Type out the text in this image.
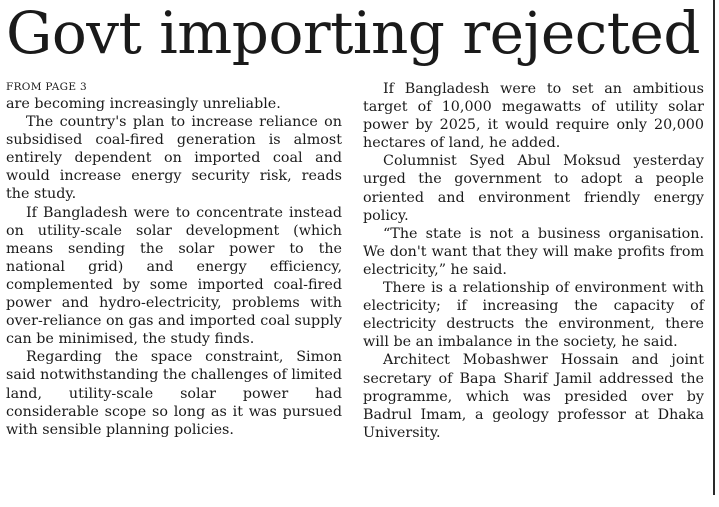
Govt importing rejected
FROM PAGE 3

are becoming increasingly unreliable.

The country's plan to increase reliance on subsidised coal-fired generation is almost entirely dependent on imported coal and would increase energy security risk, reads the study.

If Bangladesh were to concentrate instead on utility-scale solar development (which means sending the solar power to the national grid) and energy efficiency, complemented by some imported coal-fired power and hydro-electricity, problems with over-reliance on gas and imported coal supply can be minimised, the study finds.

Regarding the space constraint, Simon said notwithstanding the challenges of limited land, utility-scale solar power had considerable scope so long as it was pursued with sensible planning policies.

If Bangladesh were to set an ambitious target of 10,000 megawatts of utility solar power by 2025, it would require only 20,000 hectares of land, he added.

Columnist Syed Abul Moksud yesterday urged the government to adopt a people oriented and environment friendly energy policy.

“The state is not a business organisation. We don't want that they will make profits from electricity,” he said.

There is a relationship of environment with electricity; if increasing the capacity of electricity destructs the environment, there will be an imbalance in the society, he said.

Architect Mobashwer Hossain and joint secretary of Bapa Sharif Jamil addressed the programme, which was presided over by Badrul Imam, a geology professor at Dhaka University.
